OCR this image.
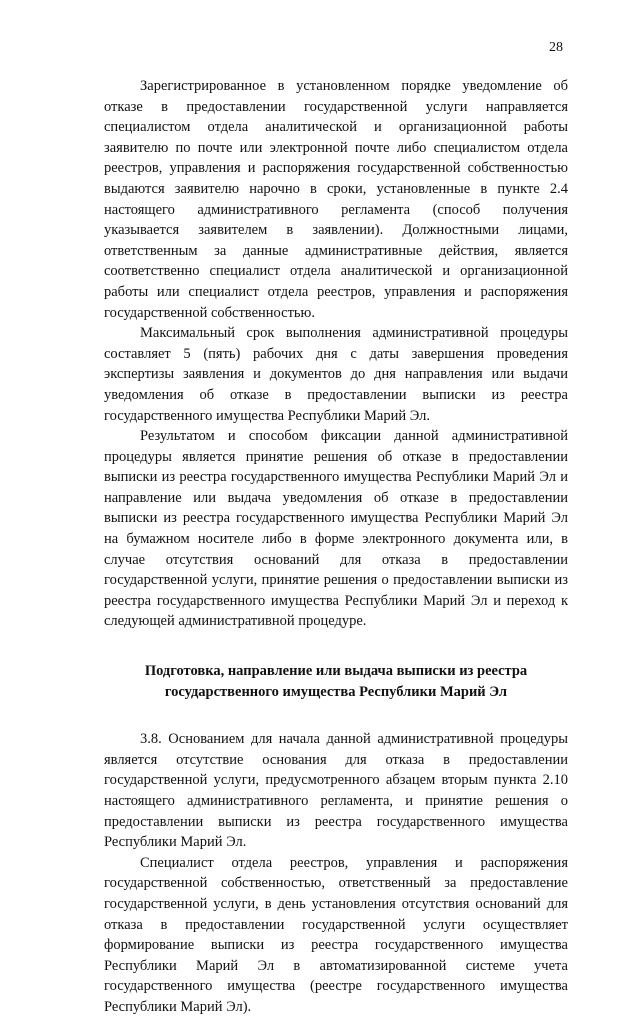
28

Зарегистрированное в установленном порядке уведомление об отказе в предоставлении государственной услуги направляется специалистом отдела аналитической и организационной работы заявителю по почте или электронной почте либо специалистом отдела реестров, управления и распоряжения государственной собственностью выдаются заявителю нарочно в сроки, установленные в пункте 2.4 настоящего административного регламента (способ получения указывается заявителем в заявлении). Должностными лицами, ответственным за данные административные действия, является соответственно специалист отдела аналитической и организационной работы или специалист отдела реестров, управления и распоряжения государственной собственностью.

Максимальный срок выполнения административной процедуры составляет 5 (пять) рабочих дня с даты завершения проведения экспертизы заявления и документов до дня направления или выдачи уведомления об отказе в предоставлении выписки из реестра государственного имущества Республики Марий Эл.

Результатом и способом фиксации данной административной процедуры является принятие решения об отказе в предоставлении выписки из реестра государственного имущества Республики Марий Эл и направление или выдача уведомления об отказе в предоставлении выписки из реестра государственного имущества Республики Марий Эл на бумажном носителе либо в форме электронного документа или, в случае отсутствия оснований для отказа в предоставлении государственной услуги, принятие решения о предоставлении выписки из реестра государственного имущества Республики Марий Эл и переход к следующей административной процедуре.

Подготовка, направление или выдача выписки из реестра
государственного имущества Республики Марий Эл

3.8. Основанием для начала данной административной процедуры является отсутствие основания для отказа в предоставлении государственной услуги, предусмотренного абзацем вторым пункта 2.10 настоящего административного регламента, и принятие решения о предоставлении выписки из реестра государственного имущества Республики Марий Эл.

Специалист отдела реестров, управления и распоряжения государственной собственностью, ответственный за предоставление государственной услуги, в день установления отсутствия оснований для отказа в предоставлении государственной услуги осуществляет формирование выписки из реестра государственного имущества Республики Марий Эл в автоматизированной системе учета государственного имущества (реестре государственного имущества Республики Марий Эл).
